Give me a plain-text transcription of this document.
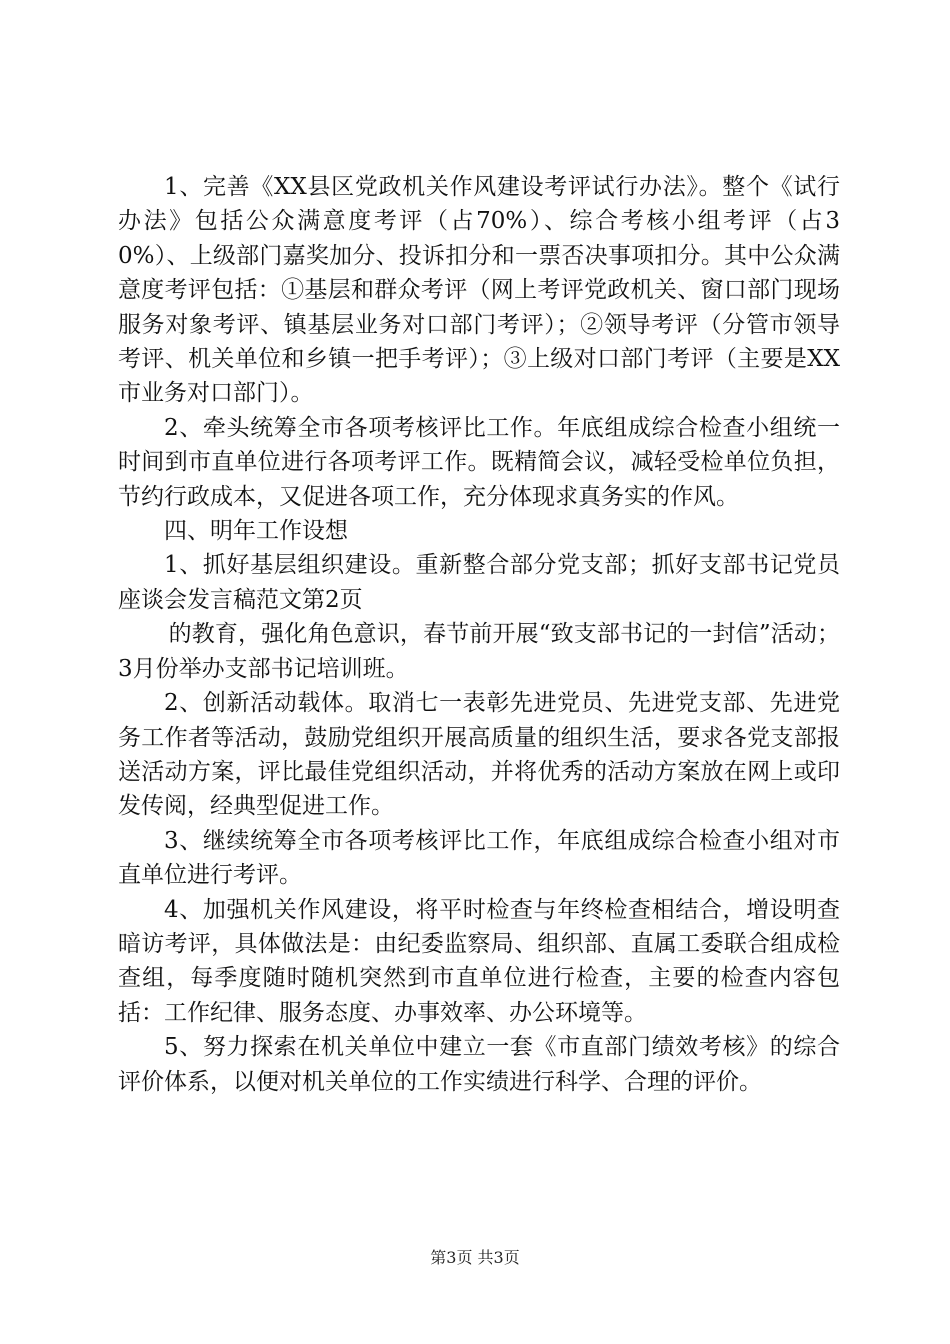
1、完善《XX县区党政机关作风建设考评试行办法》。整个《试行办法》包括公众满意度考评（占70%）、综合考核小组考评（占30%）、上级部门嘉奖加分、投诉扣分和一票否决事项扣分。其中公众满意度考评包括：①基层和群众考评（网上考评党政机关、窗口部门现场服务对象考评、镇基层业务对口部门考评）；②领导考评（分管市领导考评、机关单位和乡镇一把手考评）；③上级对口部门考评（主要是XX市业务对口部门）。

2、牵头统筹全市各项考核评比工作。年底组成综合检查小组统一时间到市直单位进行各项考评工作。既精简会议，减轻受检单位负担，节约行政成本，又促进各项工作，充分体现求真务实的作风。

四、明年工作设想

1、抓好基层组织建设。重新整合部分党支部；抓好支部书记党员座谈会发言稿范文第2页

的教育，强化角色意识，春节前开展“致支部书记的一封信”活动；3月份举办支部书记培训班。

2、创新活动载体。取消七一表彰先进党员、先进党支部、先进党务工作者等活动，鼓励党组织开展高质量的组织生活，要求各党支部报送活动方案，评比最佳党组织活动，并将优秀的活动方案放在网上或印发传阅，经典型促进工作。

3、继续统筹全市各项考核评比工作，年底组成综合检查小组对市直单位进行考评。

4、加强机关作风建设，将平时检查与年终检查相结合，增设明查暗访考评，具体做法是：由纪委监察局、组织部、直属工委联合组成检查组，每季度随时随机突然到市直单位进行检查，主要的检查内容包括：工作纪律、服务态度、办事效率、办公环境等。

5、努力探索在机关单位中建立一套《市直部门绩效考核》的综合评价体系，以便对机关单位的工作实绩进行科学、合理的评价。

第3页 共3页
